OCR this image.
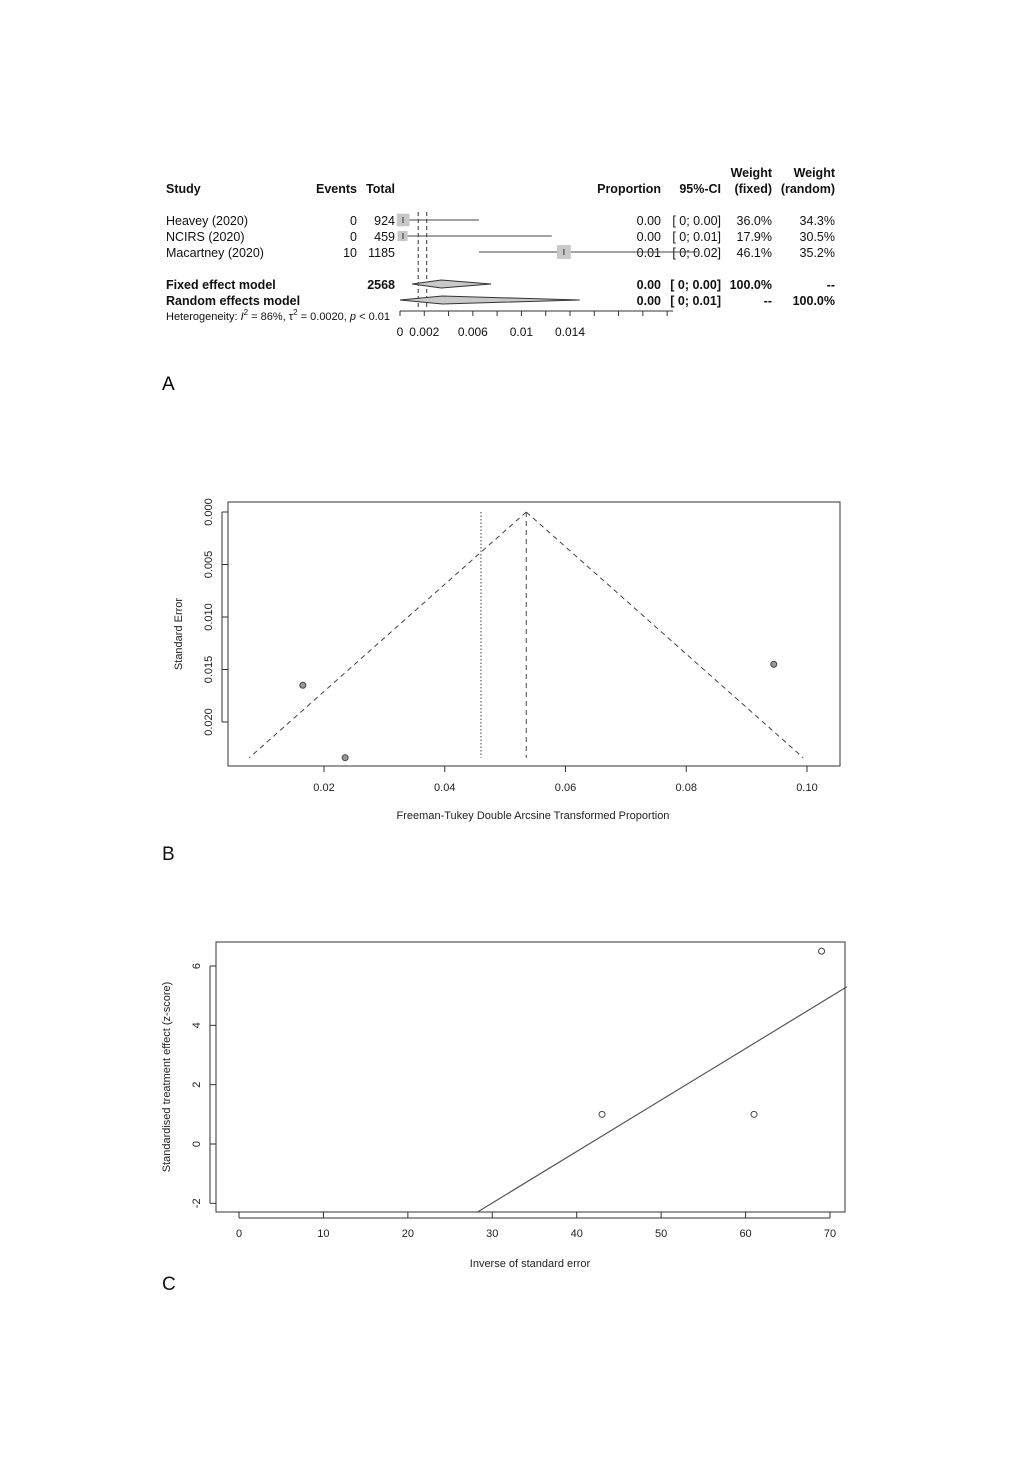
Weight Weight
Study	Events Total	Proportion 95%-CI (fixed) (random)
Heavey (2020)	0 924	0.00 [ 0; 0.00] 36.0% 34.3%
NCIRS (2020)	0 459	0.00 [ 0; 0.01] 17.9% 30.5%
Macartney (2020)	10 1185	0.01 [ 0; 0.02] 46.1% 35.2%
Fixed effect model	2568	0.00 [ 0; 0.00] 100.0%	--
Random effects model	0.00 [ 0; 0.01]	-- 100.0%
Heterogeneity: $I^2 = 86\%$, $\tau^2 = 0.0020$, p < 0.01
0 0.002 0.006 0.01 0.014
A
0.02	0.04	0.06	0.08	0.10
0.000
0.005
0.010
0.015
0.020
Freeman-Tukey Double Arcsine Transformed Proportion
Standard Error
B
0	10	20	30	40	50	60	70
-2
0
2
4
6
Inverse of standard error
Standardised treatment effect (z-score)
C
